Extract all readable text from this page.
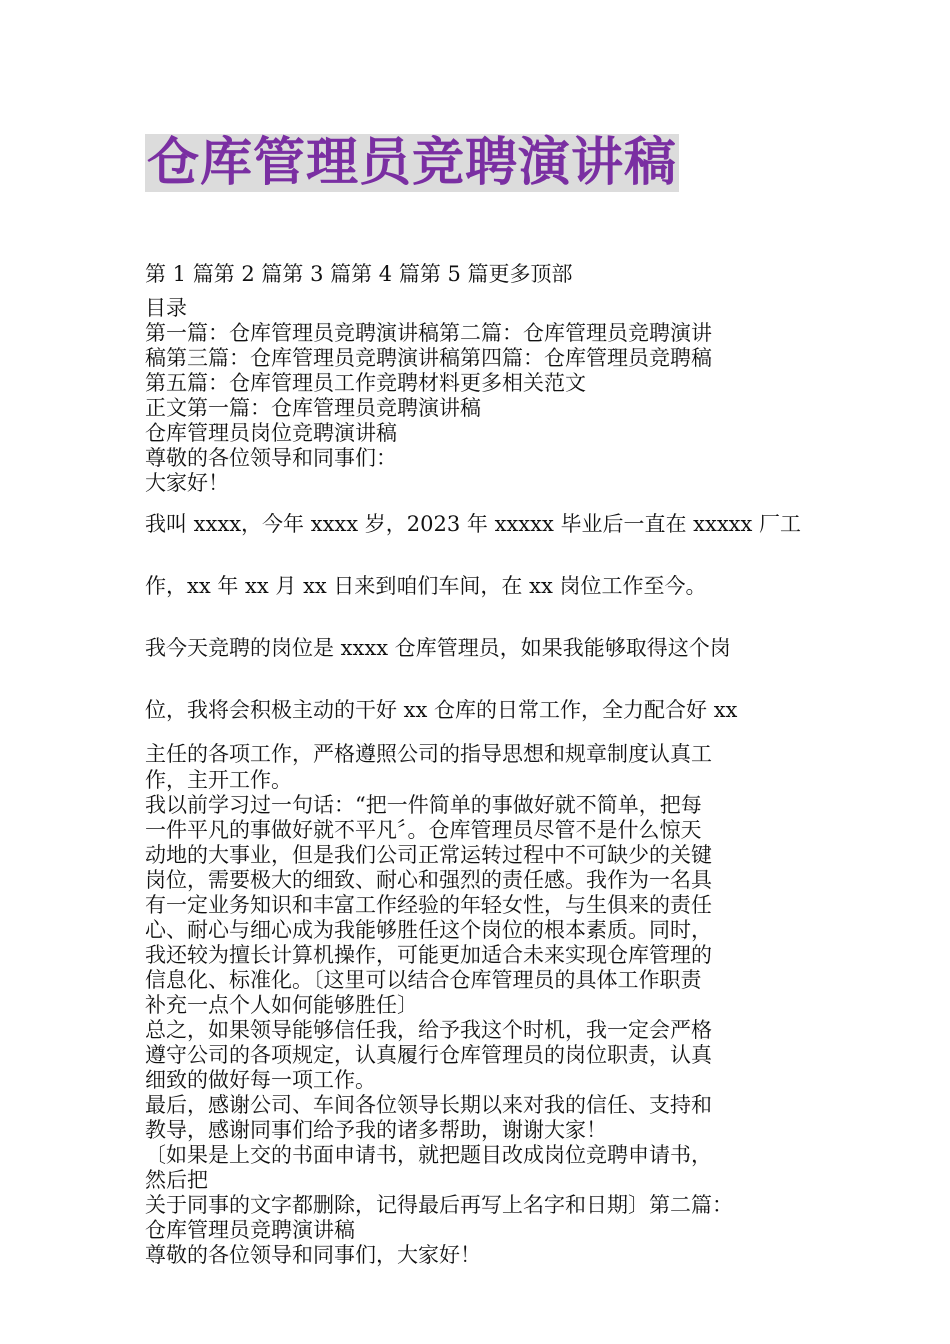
仓库管理员竞聘演讲稿
第 1 篇第 2 篇第 3 篇第 4 篇第 5 篇更多顶部
目录
第一篇：仓库管理员竞聘演讲稿第二篇：仓库管理员竞聘演讲
稿第三篇：仓库管理员竞聘演讲稿第四篇：仓库管理员竞聘稿
第五篇：仓库管理员工作竞聘材料更多相关范文
正文第一篇：仓库管理员竞聘演讲稿
仓库管理员岗位竞聘演讲稿
尊敬的各位领导和同事们：
大家好！
我叫 xxxx，今年 xxxx 岁，2023 年 xxxxx 毕业后一直在 xxxxx 厂工
作，xx 年 xx 月 xx 日来到咱们车间，在 xx 岗位工作至今。
我今天竞聘的岗位是 xxxx 仓库管理员，如果我能够取得这个岗
位，我将会积极主动的干好 xx 仓库的日常工作，全力配合好 xx
主任的各项工作，严格遵照公司的指导思想和规章制度认真工
作，主开工作。
我以前学习过一句话：“把一件简单的事做好就不简单，把每
一件平凡的事做好就不平凡〞。仓库管理员尽管不是什么惊天
动地的大事业，但是我们公司正常运转过程中不可缺少的关键
岗位，需要极大的细致、耐心和强烈的责任感。我作为一名具
有一定业务知识和丰富工作经验的年轻女性，与生俱来的责任
心、耐心与细心成为我能够胜任这个岗位的根本素质。同时，
我还较为擅长计算机操作，可能更加适合未来实现仓库管理的
信息化、标准化。〔这里可以结合仓库管理员的具体工作职责
补充一点个人如何能够胜任〕
总之，如果领导能够信任我，给予我这个时机，我一定会严格
遵守公司的各项规定，认真履行仓库管理员的岗位职责，认真
细致的做好每一项工作。
最后，感谢公司、车间各位领导长期以来对我的信任、支持和
教导，感谢同事们给予我的诸多帮助，谢谢大家！
〔如果是上交的书面申请书，就把题目改成岗位竞聘申请书，
然后把
关于同事的文字都删除，记得最后再写上名字和日期〕第二篇：
仓库管理员竞聘演讲稿
尊敬的各位领导和同事们，大家好！
